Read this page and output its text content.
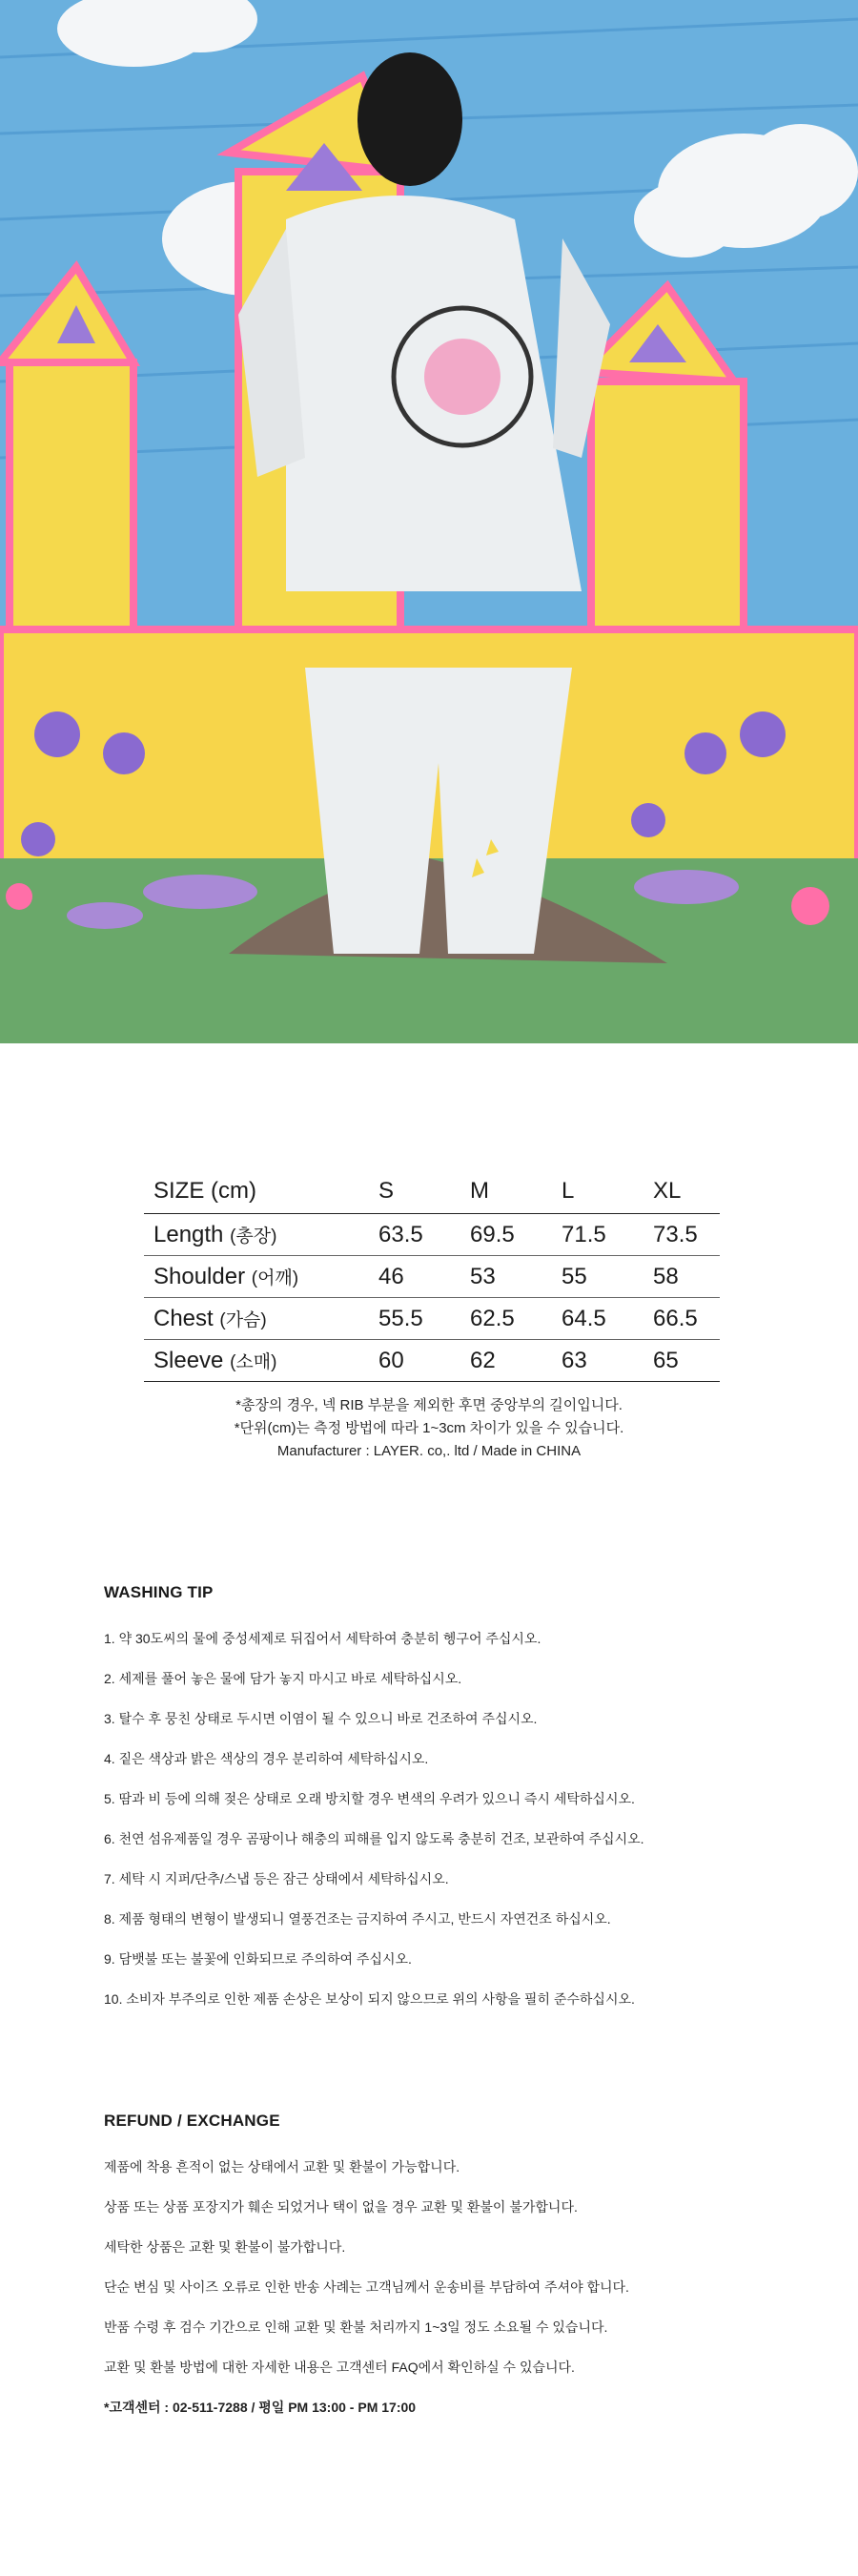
SIZE (cm)	S	M	L	XL
Length (총장)	63.5	69.5	71.5	73.5
Shoulder (어깨)	46	53	55	58
Chest (가슴)	55.5	62.5	64.5	66.5
Sleeve (소매)	60	62	63	65
*총장의 경우, 넥 RIB 부분을 제외한 후면 중앙부의 길이입니다.
*단위(cm)는 측정 방법에 따라 1~3cm 차이가 있을 수 있습니다.
Manufacturer : LAYER. co,. ltd / Made in CHINA
WASHING TIP
1. 약 30도씨의 물에 중성세제로 뒤집어서 세탁하여 충분히 헹구어 주십시오.
2. 세제를 풀어 놓은 물에 담가 놓지 마시고 바로 세탁하십시오.
3. 탈수 후 뭉친 상태로 두시면 이염이 될 수 있으니 바로 건조하여 주십시오.
4. 짙은 색상과 밝은 색상의 경우 분리하여 세탁하십시오.
5. 땀과 비 등에 의해 젖은 상태로 오래 방치할 경우 변색의 우려가 있으니 즉시 세탁하십시오.
6. 천연 섬유제품일 경우 곰팡이나 해충의 피해를 입지 않도록 충분히 건조, 보관하여 주십시오.
7. 세탁 시 지퍼/단추/스냅 등은 잠근 상태에서 세탁하십시오.
8. 제품 형태의 변형이 발생되니 열풍건조는 금지하여 주시고, 반드시 자연건조 하십시오.
9. 담뱃불 또는 불꽃에 인화되므로 주의하여 주십시오.
10. 소비자 부주의로 인한 제품 손상은 보상이 되지 않으므로 위의 사항을 필히 준수하십시오.
REFUND / EXCHANGE
제품에 착용 흔적이 없는 상태에서 교환 및 환불이 가능합니다.
상품 또는 상품 포장지가 훼손 되었거나 택이 없을 경우 교환 및 환불이 불가합니다.
세탁한 상품은 교환 및 환불이 불가합니다.
단순 변심 및 사이즈 오류로 인한 반송 사례는 고객님께서 운송비를 부담하여 주셔야 합니다.
반품 수령 후 검수 기간으로 인해 교환 및 환불 처리까지 1~3일 정도 소요될 수 있습니다.
교환 및 환불 방법에 대한 자세한 내용은 고객센터 FAQ에서 확인하실 수 있습니다.
*고객센터 : 02-511-7288 / 평일 PM 13:00 - PM 17:00
